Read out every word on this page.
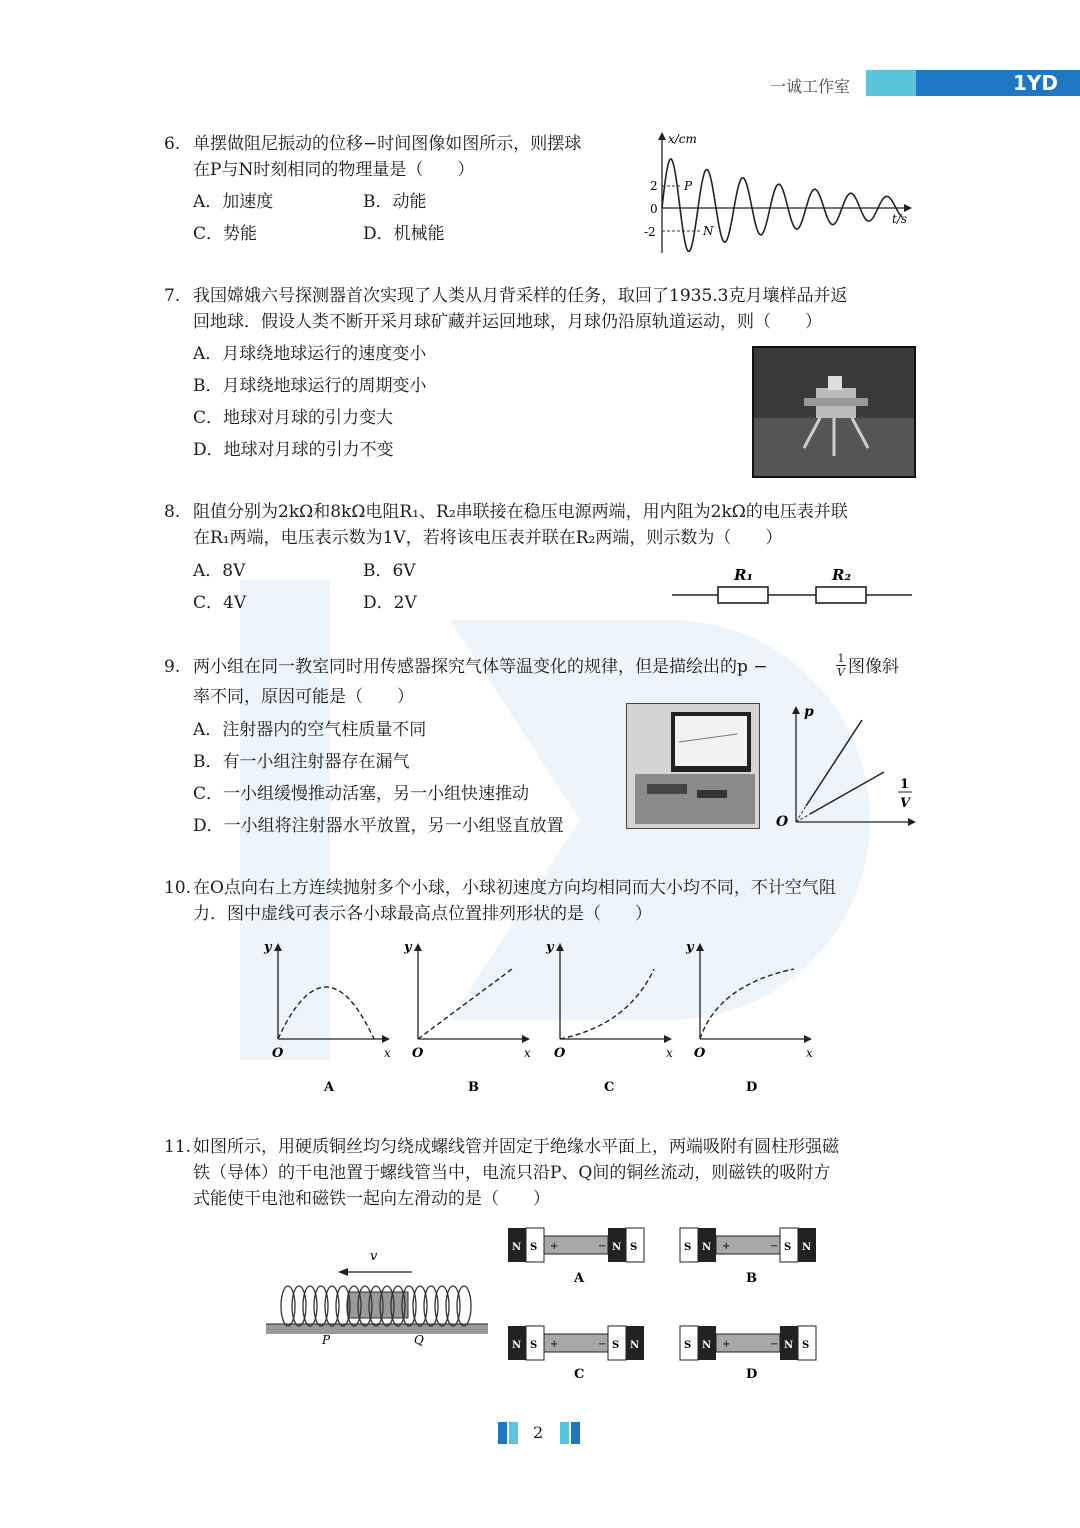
一诚工作室	1YD
6. 单摆做阻尼振动的位移−时间图像如图所示，则摆球
在P与N时刻相同的物理量是（　　）
A．加速度	B．动能
C．势能	D．机械能
x/cm
t/s
2
0
-2
P
N
7. 我国嫦娥六号探测器首次实现了人类从月背采样的任务，取回了1935.3克月壤样品并返
回地球．假设人类不断开采月球矿藏并运回地球，月球仍沿原轨道运动，则（　　）
A．月球绕地球运行的速度变小
B．月球绕地球运行的周期变小
C．地球对月球的引力变大
D．地球对月球的引力不变
8. 阻值分别为2kΩ和8kΩ电阻R₁、R₂串联接在稳压电源两端，用内阻为2kΩ的电压表并联
在R₁两端，电压表示数为1V，若将该电压表并联在R₂两端，则示数为（　　）
A．8V	B．6V
C．4V	D．2V
R₁	R₂
9. 两小组在同一教室同时用传感器探究气体等温变化的规律，但是描绘出的p −	$\frac{1}{V}$ 图像斜
率不同，原因可能是（　　）
A．注射器内的空气柱质量不同
B．有一小组注射器存在漏气
C．一小组缓慢推动活塞，另一小组快速推动
D．一小组将注射器水平放置，另一小组竖直放置
p
1
V
O
10. 在O点向右上方连续抛射多个小球，小球初速度方向均相同而大小均不同，不计空气阻
力．图中虚线可表示各小球最高点位置排列形状的是（　　）
y
O	x
A
y
O	x
B
y
O	x
C
y
O	x
D
11. 如图所示，用硬质铜丝均匀绕成螺线管并固定于绝缘水平面上，两端吸附有圆柱形强磁
铁（导体）的干电池置于螺线管当中，电流只沿P、Q间的铜丝流动，则磁铁的吸附方
式能使干电池和磁铁一起向左滑动的是（　　）
v
P	Q
N S +	− N S
A
S N +	− S N
B
N S +	− S N
C
S N +	− N S
D
2
